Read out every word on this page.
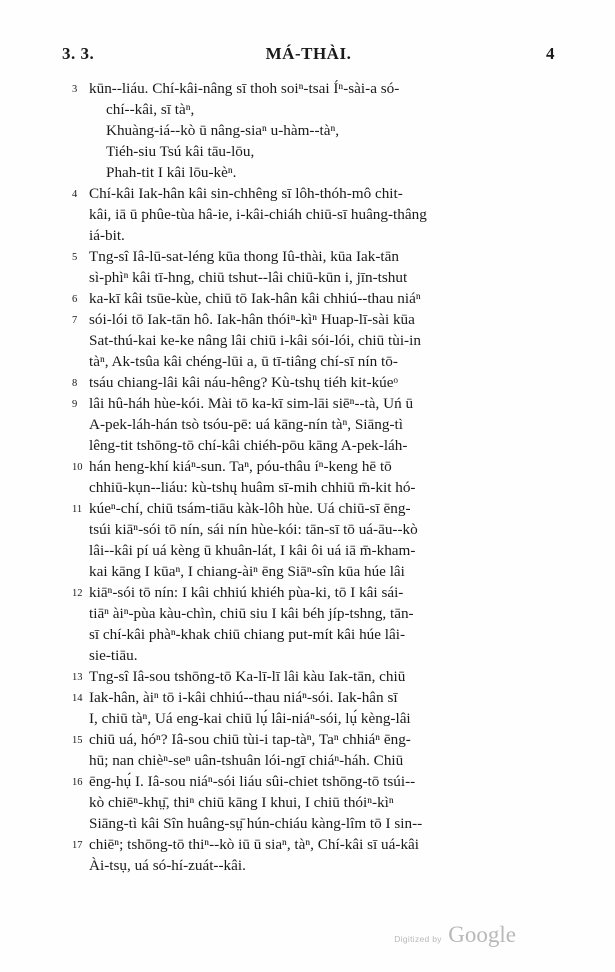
3. 3.	MÁ-THÀI.	4
3 kūn--liáu. Chí-kâi-nâng sī thoh soiⁿ-tsai Íⁿ-sài-a só-
chí--kâi, sī tàⁿ,
Khuàng-iá--kò ū nâng-siaⁿ u-hàm--tàⁿ,
Tiéh-siu Tsú kâi tāu-lōu,
Phah-tit I kâi lōu-kèⁿ.
4 Chí-kâi Iak-hân kâi sin-chhêng sī lôh-thóh-mô chit-
kâi, iā ū phûe-tùa hâ-ie, i-kâi-chiáh chiū-sī huâng-thâng
iá-bit.
5 Tng-sî Iâ-lū-sat-léng kūa thong Iû-thài, kūa Iak-tān
sì-phìⁿ kâi tī-hng, chiū tshut--lâi chiū-kūn i, jīn-tshut
6 ka-kī kâi tsūe-kùe, chiū tō Iak-hân kâi chhiú--thau niáⁿ
7 sói-lói tō Iak-tān hô. Iak-hân thóiⁿ-kìⁿ Huap-lī-sài kūa
Sat-thú-kai ke-ke nâng lâi chiū i-kâi sói-lói, chiū tùi-in
tàⁿ, Ak-tsûa kâi chéng-lūi a, ū tī-tiâng chí-sī nín tō-
8 tsáu chiang-lâi kâi náu-hêng? Kù-tshų tiéh kit-kúeᵒ
9 lâi hû-háh hùe-kói. Mài tō ka-kī sim-lāi siēⁿ--tà, Uń ū
A-pek-láh-hán tsò tsóu-pē: uá kāng-nín tàⁿ, Siāng-tì
lêng-tit tshōng-tō chí-kâi chiéh-pōu kāng A-pek-láh-
10 hán heng-khí kiáⁿ-sun. Taⁿ, póu-thâu íⁿ-keng hē tō
chhiū-kụn--liáu: kù-tshų huâm sī-mih chhiū m̄-kit hó-
11 kúeⁿ-chí, chiū tsám-tiāu kàk-lôh hùe. Uá chiū-sī ēng-
tsúi kiāⁿ-sói tō nín, sái nín hùe-kói: tān-sī tō uá-āu--kò
lâi--kâi pí uá kèng ū khuân-lát, I kâi ôi uá iā m̄-kham-
kai kāng I kūaⁿ, I chiang-àiⁿ ēng Siāⁿ-sîn kūa húe lâi
12 kiāⁿ-sói tō nín: I kâi chhiú khiéh pùa-ki, tō I kâi sái-
tiāⁿ àiⁿ-pùa kàu-chìn, chiū siu I kâi béh jíp-tshng, tān-
sī chí-kâi phàⁿ-khak chiū chiang put-mít kâi húe lâi-
sie-tiāu.
13 Tng-sî Iâ-sou tshōng-tō Ka-lī-lī lâi kàu Iak-tān, chiū
14 Iak-hân, àiⁿ tō i-kâi chhiú--thau niáⁿ-sói. Iak-hân sī
I, chiū tàⁿ, Uá eng-kai chiū lụ́ lâi-niáⁿ-sói, lụ́ kèng-lâi
15 chiū uá, hóⁿ? Iâ-sou chiū tùi-i tap-tàⁿ, Taⁿ chhiáⁿ ēng-
hū; nan chièⁿ-seⁿ uân-tshuân lói-ngī chiáⁿ-háh. Chiū
16 ēng-hụ́ I. Iâ-sou niáⁿ-sói liáu sûi-chiet tshōng-tō tsúi--
kò chiēⁿ-khṳ̄, thiⁿ chiū kāng I khui, I chiū thóiⁿ-kìⁿ
Siāng-tì kâi Sîn huâng-sṳ̄ hún-chiáu kàng-lîm tō I sin--
17 chiēⁿ; tshōng-tō thiⁿ--kò iū ū siaⁿ, tàⁿ, Chí-kâi sī uá-kâi
Ài-tsụ, uá só-hí-zuát--kâi.
Digitized by Google
